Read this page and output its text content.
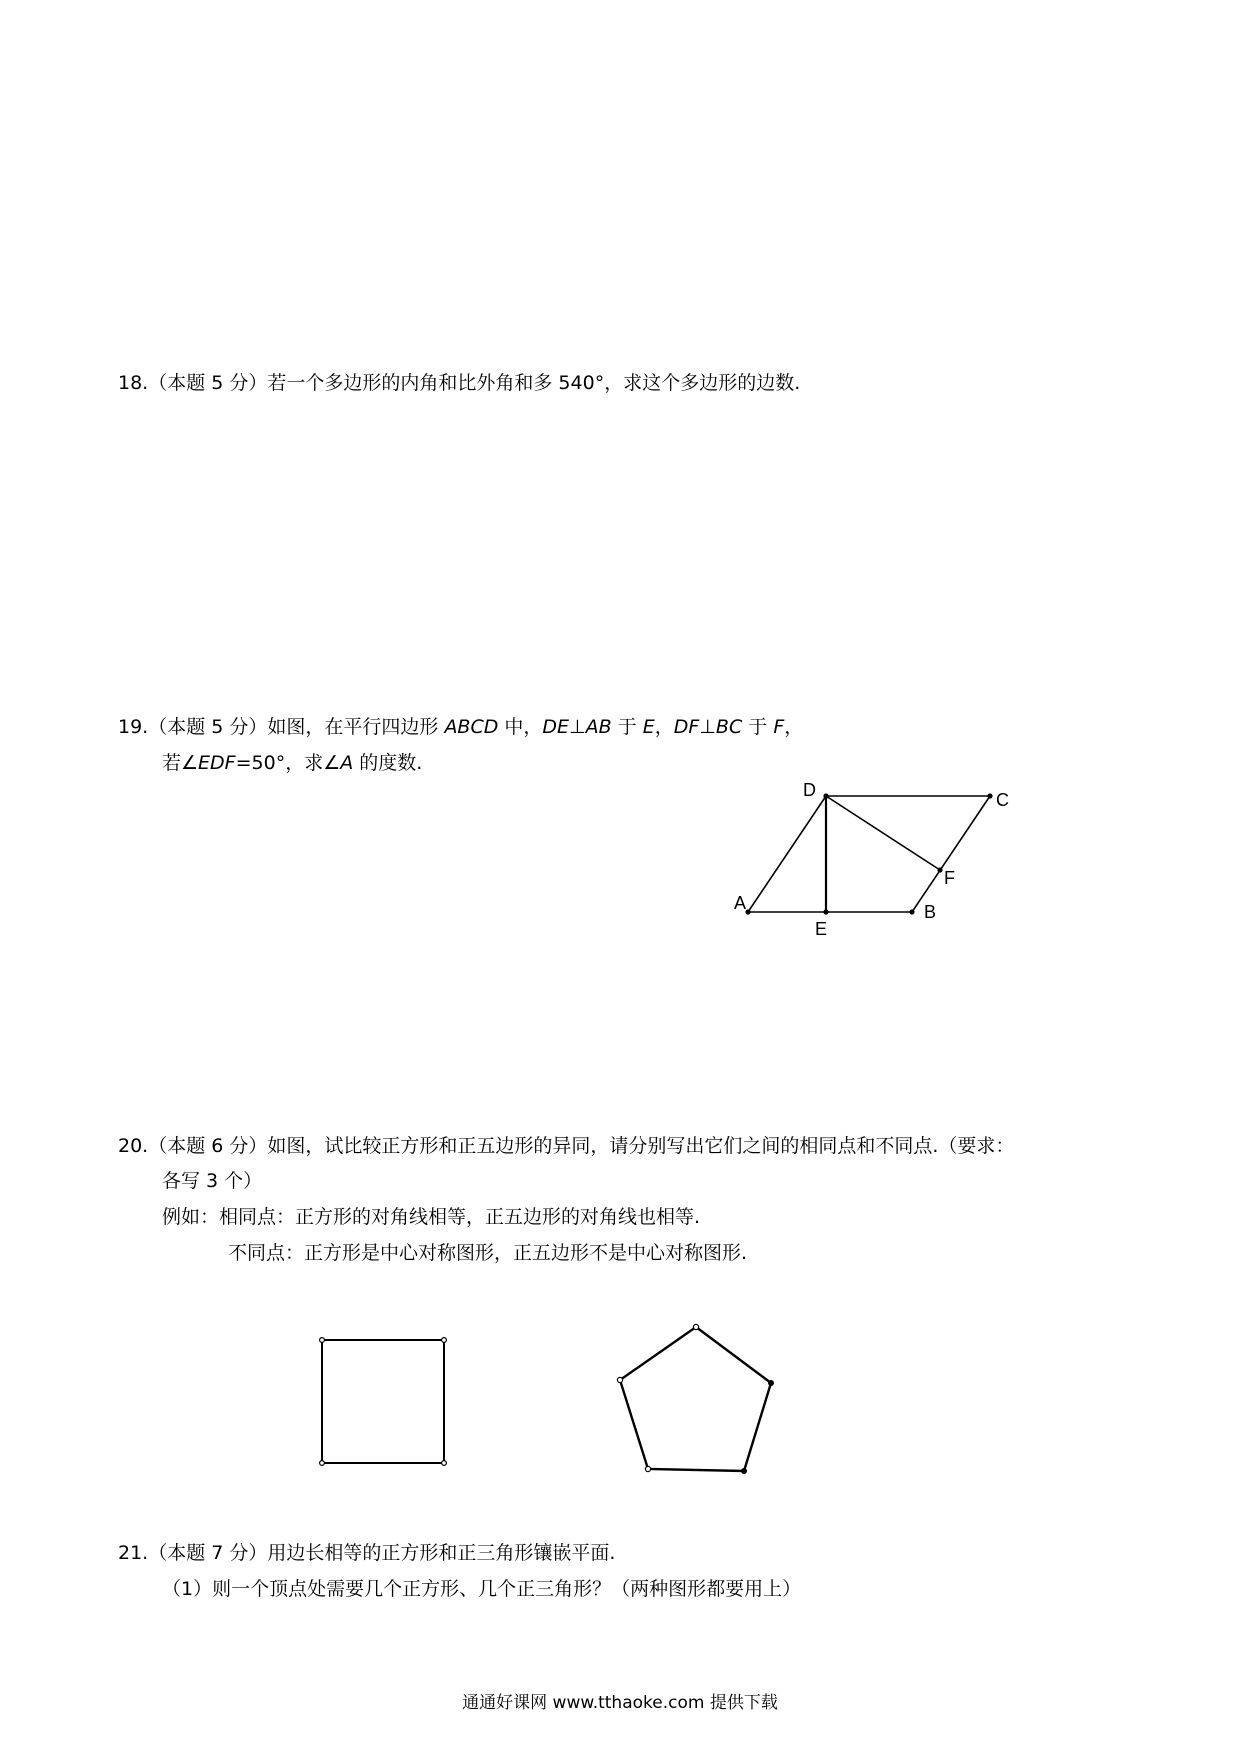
18.（本题 5 分）若一个多边形的内角和比外角和多 540°，求这个多边形的边数.
19.（本题 5 分）如图，在平行四边形 ABCD 中，DE⊥AB 于 E，DF⊥BC 于 F，
若∠EDF=50°，求∠A 的度数.
A	B
C
D
E
F
20.（本题 6 分）如图，试比较正方形和正五边形的异同，请分别写出它们之间的相同点和不同点.（要求：
各写 3 个）
例如：相同点：正方形的对角线相等，正五边形的对角线也相等.
不同点：正方形是中心对称图形，正五边形不是中心对称图形.
21.（本题 7 分）用边长相等的正方形和正三角形镶嵌平面.
（1）则一个顶点处需要几个正方形、几个正三角形？（两种图形都要用上）
通通好课网 www.tthaoke.com 提供下载
